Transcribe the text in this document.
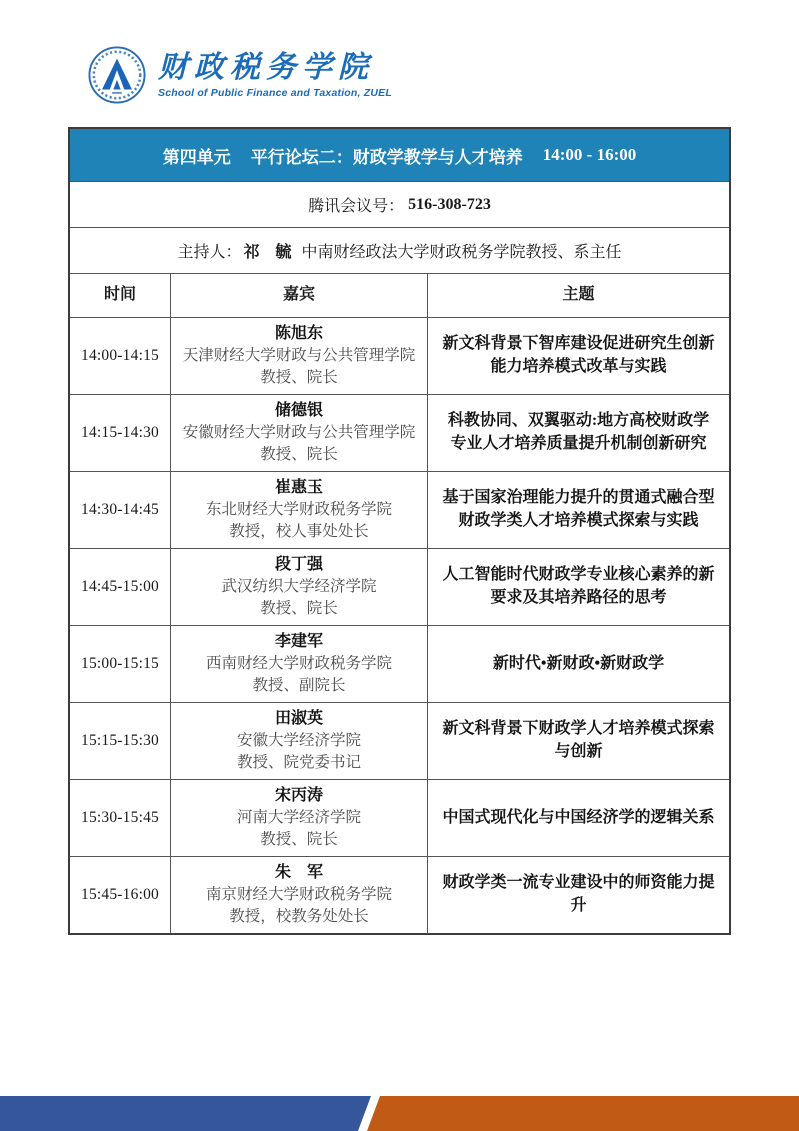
财政税务学院
School of Public Finance and Taxation, ZUEL
第四单元 平行论坛二：财政学教学与人才培养 14:00 - 16:00
腾讯会议号： 516-308-723
主持人： 祁　毓 中南财经政法大学财政税务学院教授、系主任
时间	嘉宾	主题
14:00-14:15
陈旭东
天津财经大学财政与公共管理学院
教授、院长
新文科背景下智库建设促进研究生创新能力培养模式改革与实践
14:15-14:30
储德银
安徽财经大学财政与公共管理学院
教授、院长
科教协同、双翼驱动:地方高校财政学专业人才培养质量提升机制创新研究
14:30-14:45
崔惠玉
东北财经大学财政税务学院
教授，校人事处处长
基于国家治理能力提升的贯通式融合型财政学类人才培养模式探索与实践
14:45-15:00
段丁强
武汉纺织大学经济学院
教授、院长
人工智能时代财政学专业核心素养的新要求及其培养路径的思考
15:00-15:15
李建军
西南财经大学财政税务学院
教授、副院长
新时代•新财政•新财政学
15:15-15:30
田淑英
安徽大学经济学院
教授、院党委书记
新文科背景下财政学人才培养模式探索与创新
15:30-15:45
宋丙涛
河南大学经济学院
教授、院长
中国式现代化与中国经济学的逻辑关系
15:45-16:00
朱　军
南京财经大学财政税务学院
教授，校教务处处长
财政学类一流专业建设中的师资能力提升
